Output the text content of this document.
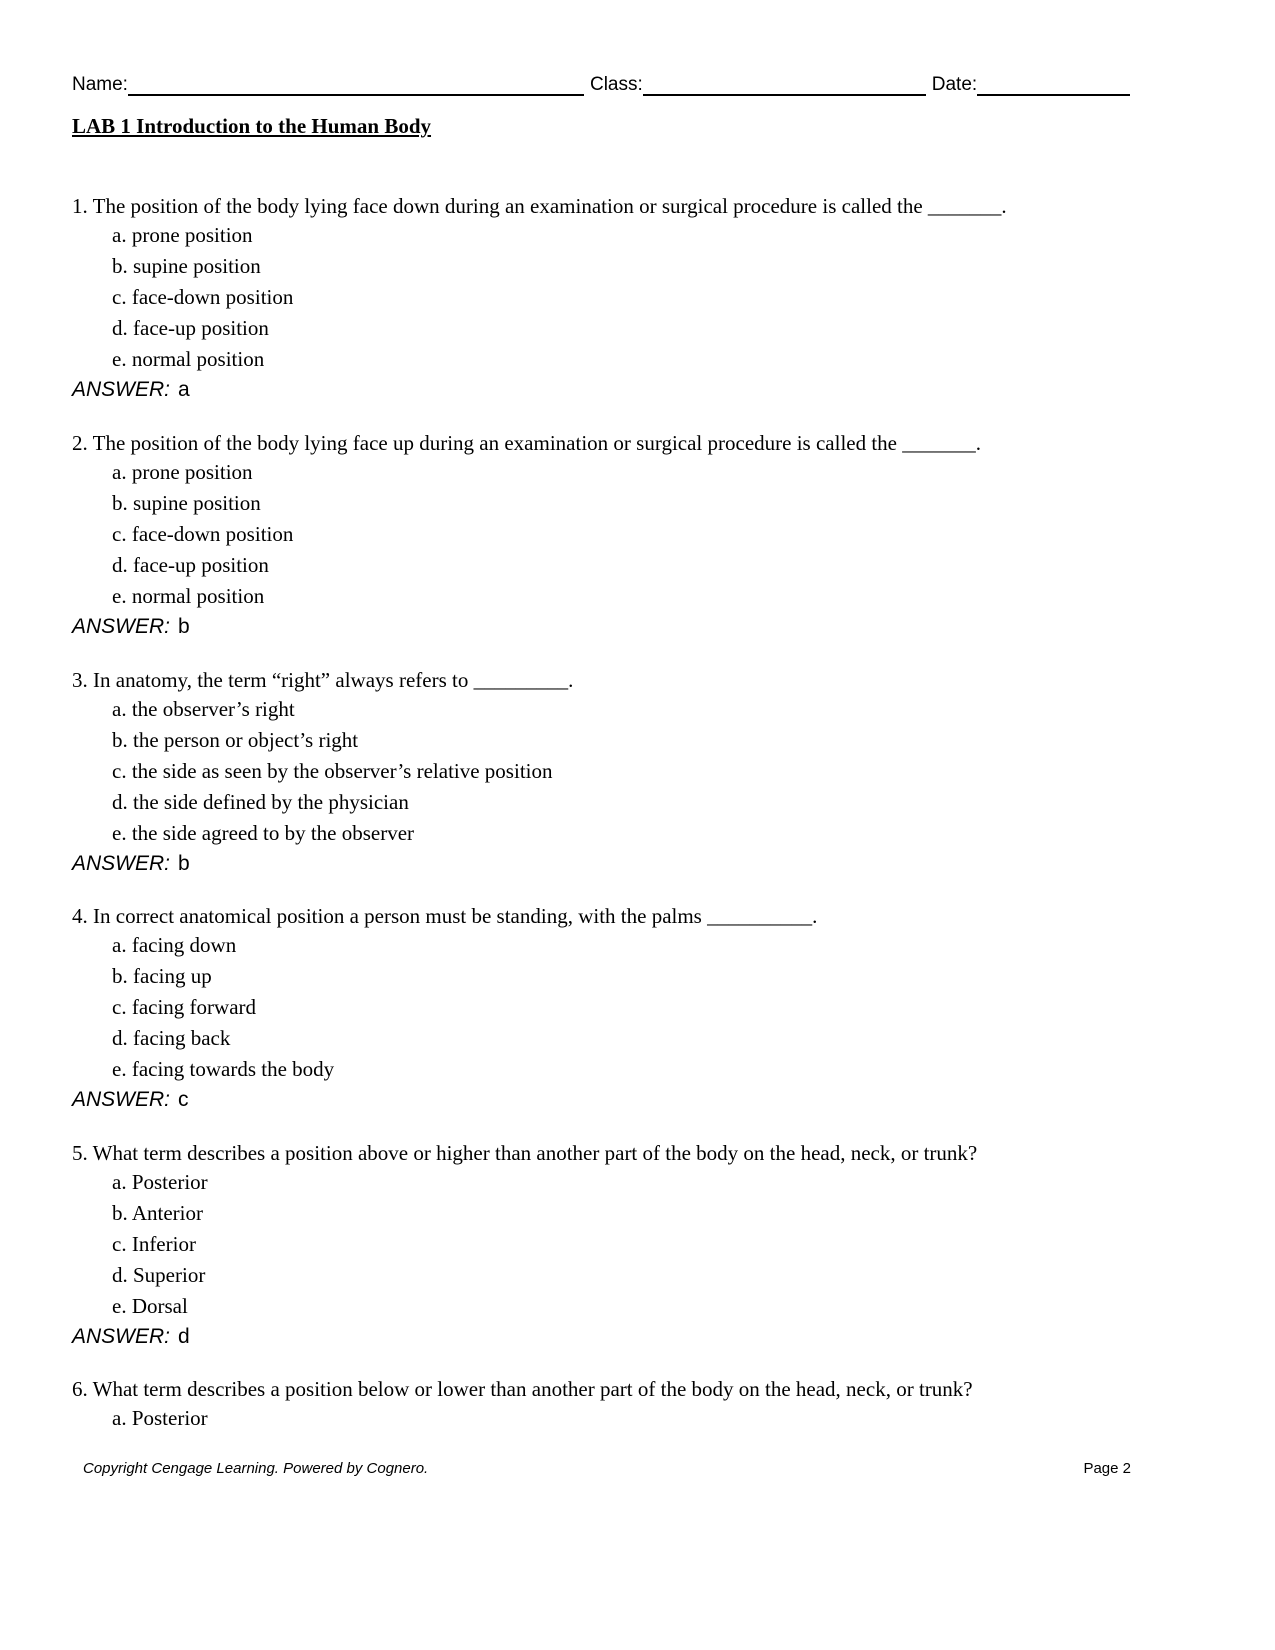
Name:	Class:	Date:
LAB 1 Introduction to the Human Body
1. The position of the body lying face down during an examination or surgical procedure is called the _______.
a. prone position
b. supine position
c. face-down position
d. face-up position
e. normal position
ANSWER: a
2. The position of the body lying face up during an examination or surgical procedure is called the _______.
a. prone position
b. supine position
c. face-down position
d. face-up position
e. normal position
ANSWER: b
3. In anatomy, the term “right” always refers to _________.
a. the observer’s right
b. the person or object’s right
c. the side as seen by the observer’s relative position
d. the side defined by the physician
e. the side agreed to by the observer
ANSWER: b
4. In correct anatomical position a person must be standing, with the palms __________.
a. facing down
b. facing up
c. facing forward
d. facing back
e. facing towards the body
ANSWER: c
5. What term describes a position above or higher than another part of the body on the head, neck, or trunk?
a. Posterior
b. Anterior
c. Inferior
d. Superior
e. Dorsal
ANSWER: d
6. What term describes a position below or lower than another part of the body on the head, neck, or trunk?
a. Posterior
Copyright Cengage Learning. Powered by Cognero.	Page 2
